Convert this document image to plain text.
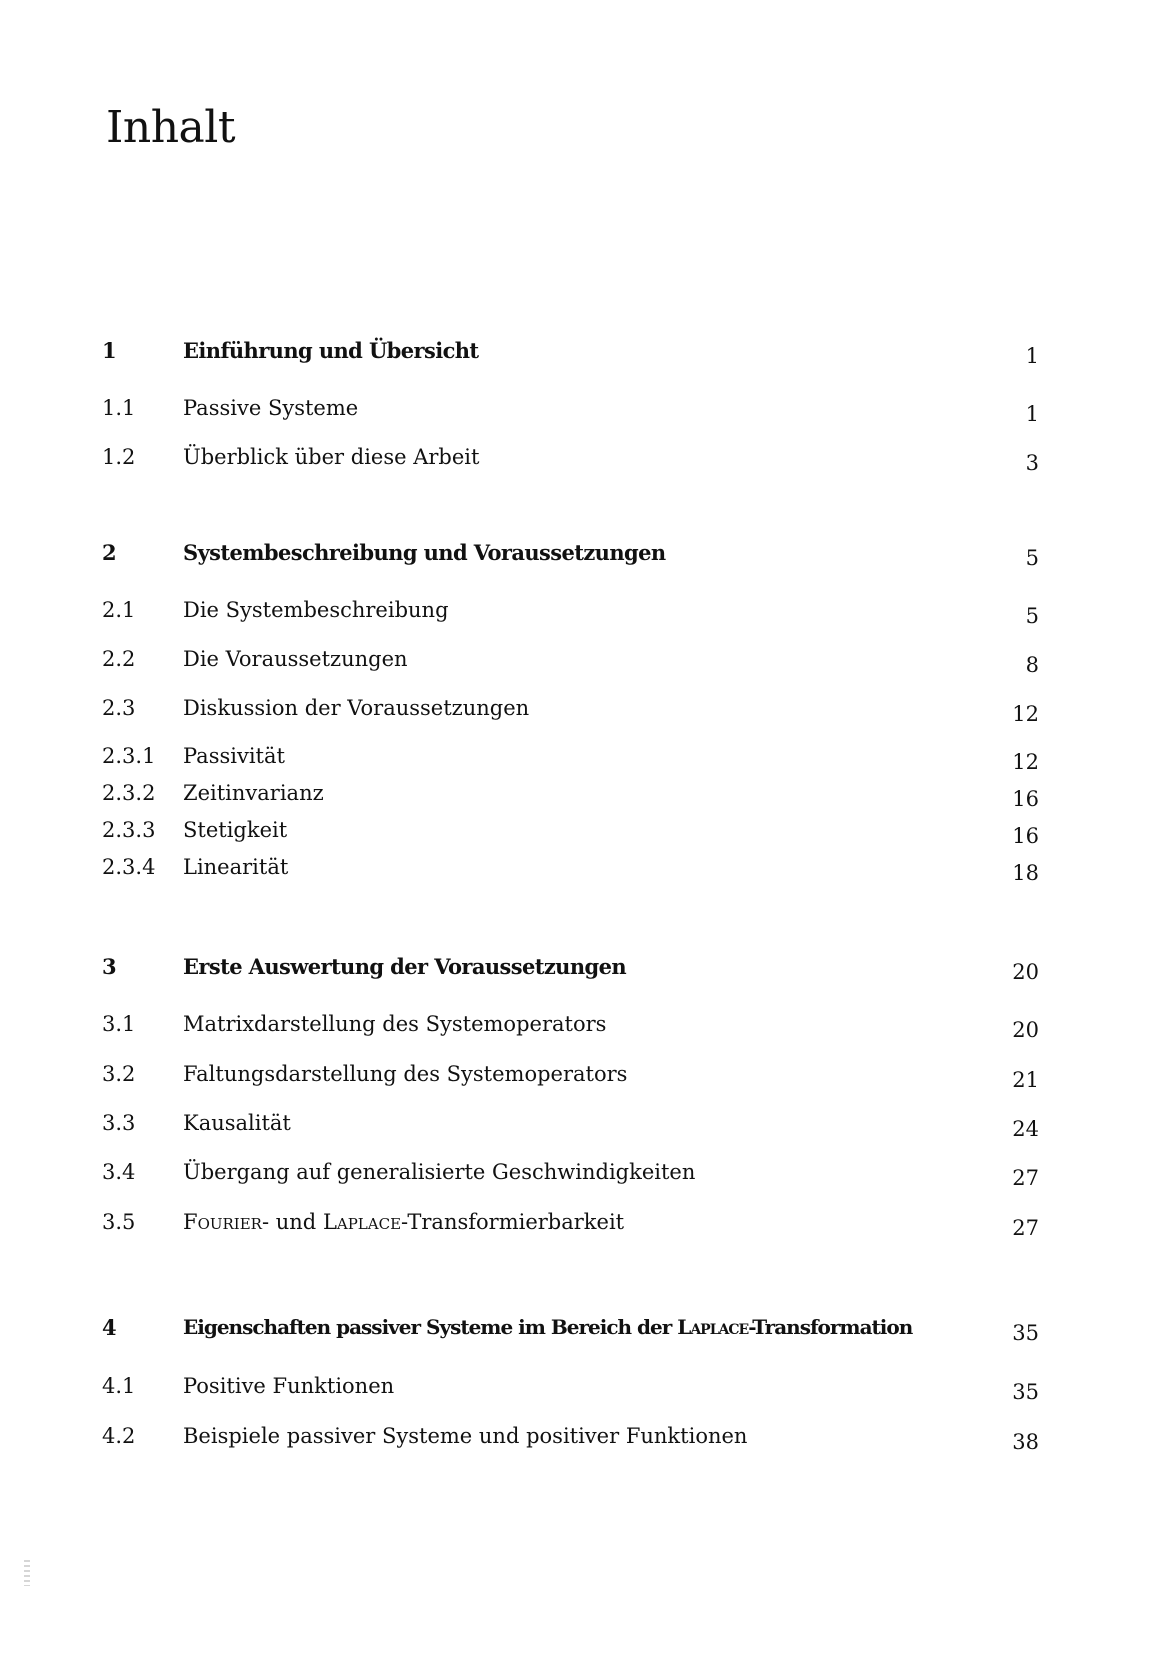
Inhalt
1	Einführung und Übersicht	1
1.1 Passive Systeme	1
1.2 Überblick über diese Arbeit	3
2	Systembeschreibung und Voraussetzungen	5
2.1 Die Systembeschreibung	5
2.2 Die Voraussetzungen	8
2.3 Diskussion der Voraussetzungen	12
2.3.1 Passivität	12
2.3.2 Zeitinvarianz	16
2.3.3 Stetigkeit	16
2.3.4 Linearität	18
3	Erste Auswertung der Voraussetzungen	20
3.1 Matrixdarstellung des Systemoperators	20
3.2 Faltungsdarstellung des Systemoperators	21
3.3 Kausalität	24
3.4 Übergang auf generalisierte Geschwindigkeiten	27
3.5 Fourier- und Laplace-Transformierbarkeit	27
4	Eigenschaften passiver Systeme im Bereich der Laplace-Transformation	35
4.1 Positive Funktionen	35
4.2 Beispiele passiver Systeme und positiver Funktionen	38
